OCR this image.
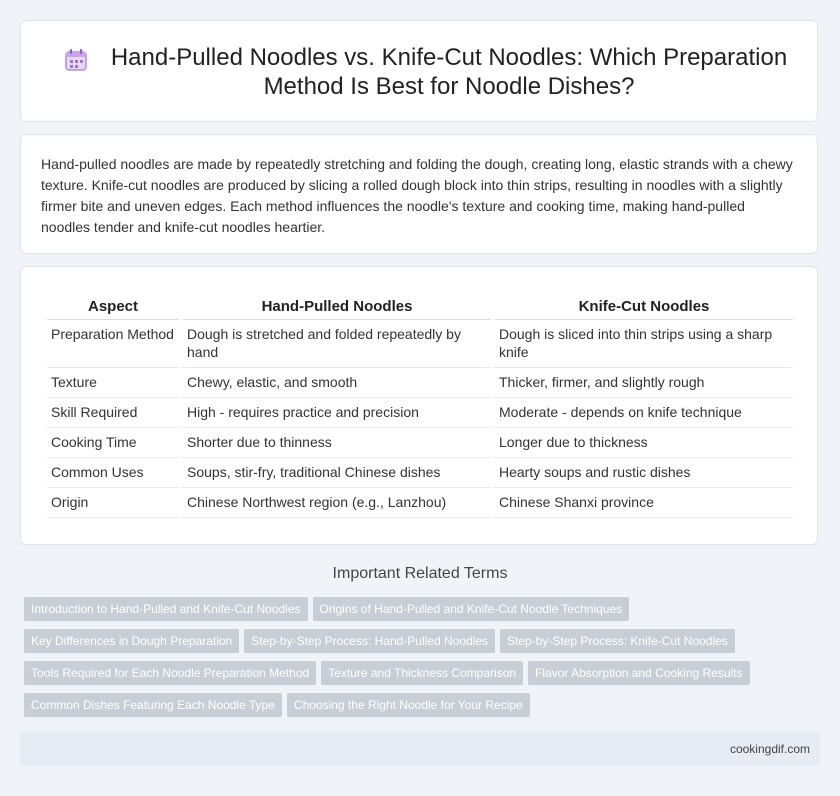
Hand-Pulled Noodles vs. Knife-Cut Noodles: Which Preparation Method Is Best for Noodle Dishes?

Hand-pulled noodles are made by repeatedly stretching and folding the dough, creating long, elastic strands with a chewy texture. Knife-cut noodles are produced by slicing a rolled dough block into thin strips, resulting in noodles with a slightly firmer bite and uneven edges. Each method influences the noodle's texture and cooking time, making hand-pulled noodles tender and knife-cut noodles heartier.

Aspect	Hand-Pulled Noodles	Knife-Cut Noodles
Preparation Method	Dough is stretched and folded repeatedly by hand	Dough is sliced into thin strips using a sharp knife
Texture	Chewy, elastic, and smooth	Thicker, firmer, and slightly rough
Skill Required	High - requires practice and precision	Moderate - depends on knife technique
Cooking Time	Shorter due to thinness	Longer due to thickness
Common Uses	Soups, stir-fry, traditional Chinese dishes	Hearty soups and rustic dishes
Origin	Chinese Northwest region (e.g., Lanzhou)	Chinese Shanxi province
Important Related Terms
Introduction to Hand-Pulled and Knife-Cut Noodles Origins of Hand-Pulled and Knife-Cut Noodle Techniques
Key Differences in Dough Preparation Step-by-Step Process: Hand-Pulled Noodles Step-by-Step Process: Knife-Cut Noodles
Tools Required for Each Noodle Preparation Method Texture and Thickness Comparison Flavor Absorption and Cooking Results
Common Dishes Featuring Each Noodle Type Choosing the Right Noodle for Your Recipe
cookingdif.com
